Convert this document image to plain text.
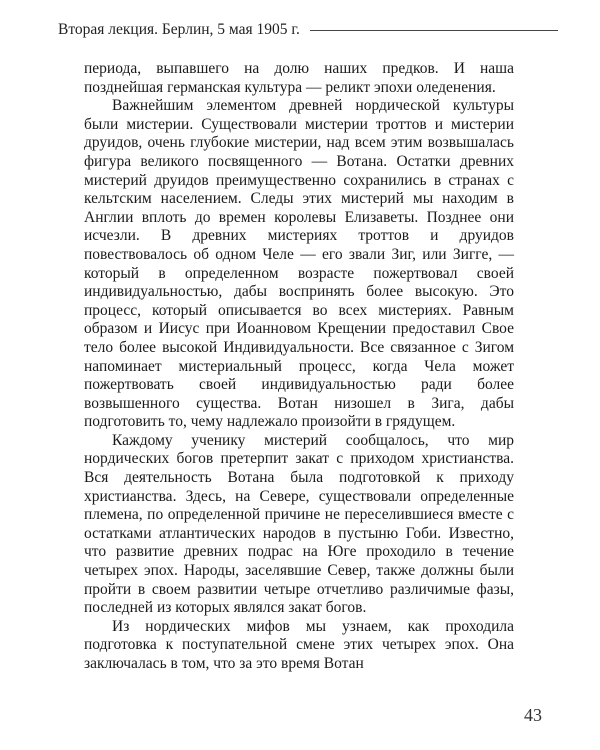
Вторая лекция. Берлин, 5 мая 1905 г.

периода, выпавшего на долю наших предков. И наша позднейшая германская культура — реликт эпохи оледенения.

Важнейшим элементом древней нордической культуры были мистерии. Существовали мистерии троттов и мистерии друидов, очень глубокие мистерии, над всем этим возвышалась фигура великого посвященного — Вотана. Остатки древних мистерий друидов преимущественно сохранились в странах с кельтским населением. Следы этих мистерий мы находим в Англии вплоть до времен королевы Елизаветы. Позднее они исчезли. В древних мистериях троттов и друидов повествовалось об одном Челе — его звали Зиг, или Зигге, — который в определенном возрасте пожертвовал своей индивидуальностью, дабы воспринять более высокую. Это процесс, который описывается во всех мистериях. Равным образом и Иисус при Иоанновом Крещении предоставил Свое тело более высокой Индивидуальности. Все связанное с Зигом напоминает мистериальный процесс, когда Чела может пожертвовать своей индивидуальностью ради более возвышенного существа. Вотан низошел в Зига, дабы подготовить то, чему надлежало произойти в грядущем.

Каждому ученику мистерий сообщалось, что мир нордических богов претерпит закат с приходом христианства. Вся деятельность Вотана была подготовкой к приходу христианства. Здесь, на Севере, существовали определенные племена, по определенной причине не переселившиеся вместе с остатками атлантических народов в пустыню Гоби. Известно, что развитие древних подрас на Юге проходило в течение четырех эпох. Народы, заселявшие Север, также должны были пройти в своем развитии четыре отчетливо различимые фазы, последней из которых являлся закат богов.

Из нордических мифов мы узнаем, как проходила подготовка к поступательной смене этих четырех эпох. Она заключалась в том, что за это время Вотан

43
